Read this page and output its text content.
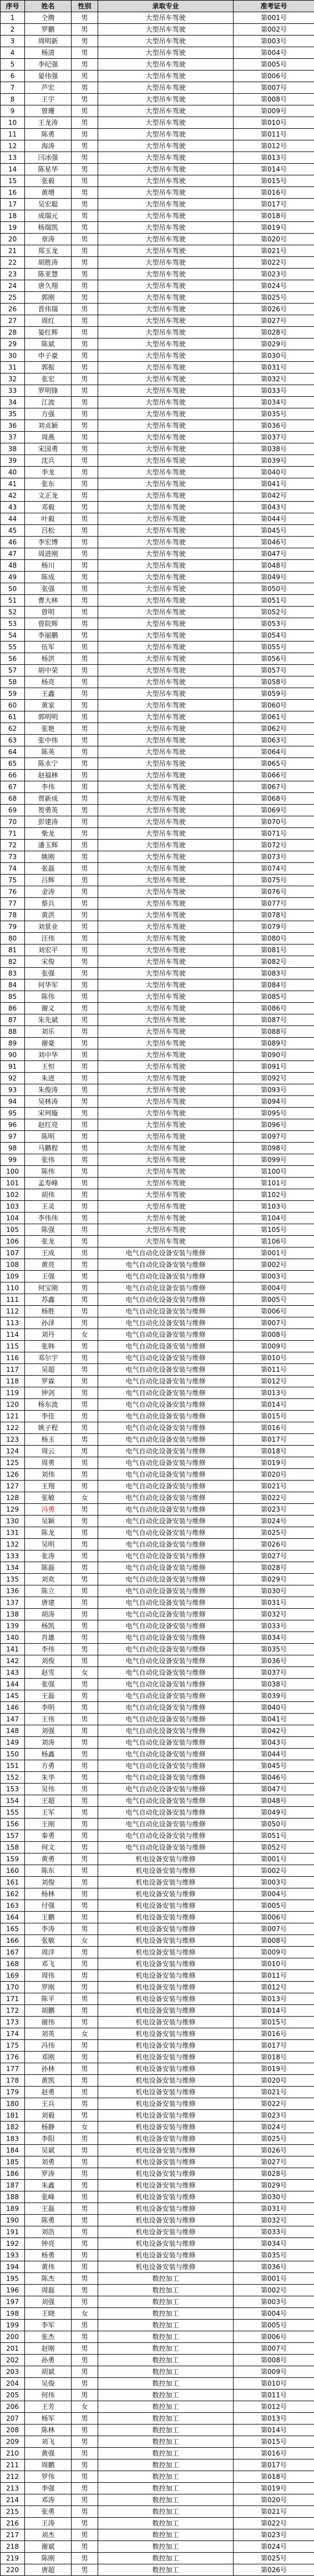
序号	姓名	性别	录取专业	准考证号
1	仝腾	男	大型吊车驾驶	第001号
2	罗鹏	男	大型吊车驾驶	第002号
3	周明新	男	大型吊车驾驶	第003号
4	杨清	男	大型吊车驾驶	第004号
5	李纪强	男	大型吊车驾驶	第005号
6	晏伟强	男	大型吊车驾驶	第006号
7	芦宏	男	大型吊车驾驶	第007号
8	王宇	男	大型吊车驾驶	第008号
9	曾珊	男	大型吊车驾驶	第009号
10	王龙涛	男	大型吊车驾驶	第010号
11	陈勇	男	大型吊车驾驶	第011号
12	海涛	男	大型吊车驾驶	第012号
13	闫冰强	男	大型吊车驾驶	第013号
14	陈星华	男	大型吊车驾驶	第014号
15	张毅	男	大型吊车驾驶	第015号
16	黄增	男	大型吊车驾驶	第016号
17	吴宏聪	男	大型吊车驾驶	第017号
18	成瑞元	男	大型吊车驾驶	第018号
19	杨瑞凯	男	大型吊车驾驶	第019号
20	章涛	男	大型吊车驾驶	第020号
21	郑玉龙	男	大型吊车驾驶	第021号
22	胡胜涛	男	大型吊车驾驶	第022号
23	陈亚慧	男	大型吊车驾驶	第023号
24	唐久翔	男	大型吊车驾驶	第024号
25	郭刚	男	大型吊车驾驶	第025号
26	晋伟瑞	男	大型吊车驾驶	第026号
27	周红	男	大型吊车驾驶	第027号
28	晏红辉	男	大型吊车驾驶	第028号
29	陈斌	男	大型吊车驾驶	第029号
30	申子豪	男	大型吊车驾驶	第030号
31	郭振	男	大型吊车驾驶	第031号
32	张宏	男	大型吊车驾驶	第032号
33	罗明锋	男	大型吊车驾驶	第033号
34	江波	男	大型吊车驾驶	第034号
35	方强	男	大型吊车驾驶	第035号
36	刘贞颖	男	大型吊车驾驶	第036号
37	周燕	男	大型吊车驾驶	第037号
38	宋国勇	男	大型吊车驾驶	第038号
39	沈兵	男	大型吊车驾驶	第039号
40	李龙	男	大型吊车驾驶	第040号
41	张东	男	大型吊车驾驶	第041号
42	文正龙	男	大型吊车驾驶	第042号
43	邓毅	男	大型吊车驾驶	第043号
44	叶毅	男	大型吊车驾驶	第044号
45	吕松	男	大型吊车驾驶	第045号
46	李宏博	男	大型吊车驾驶	第046号
47	周进刚	男	大型吊车驾驶	第047号
48	杨川	男	大型吊车驾驶	第048号
49	陈成	男	大型吊车驾驶	第049号
50	张强	男	大型吊车驾驶	第050号
51	曹大林	男	大型吊车驾驶	第051号
52	曾明	男	大型吊车驾驶	第052号
53	曾院辉	男	大型吊车驾驶	第053号
54	李丽鹏	男	大型吊车驾驶	第054号
55	伍军	男	大型吊车驾驶	第055号
56	杨洪	男	大型吊车驾驶	第056号
57	胡中荣	男	大型吊车驾驶	第057号
58	杨亮	男	大型吊车驾驶	第058号
59	王鑫	男	大型吊车驾驶	第059号
60	黄家	男	大型吊车驾驶	第060号
61	郭明明	男	大型吊车驾驶	第061号
62	张艳	男	大型吊车驾驶	第062号
63	张中伟	男	大型吊车驾驶	第063号
64	陈英	男	大型吊车驾驶	第064号
65	陈永宁	男	大型吊车驾驶	第065号
66	赵福林	男	大型吊车驾驶	第066号
67	李伟	男	大型吊车驾驶	第067号
68	贾新成	男	大型吊车驾驶	第068号
69	贺勇英	男	大型吊车驾驶	第069号
70	彭建涛	男	大型吊车驾驶	第070号
71	柴龙	男	大型吊车驾驶	第071号
72	潘玉辉	男	大型吊车驾驶	第072号
73	姚刚	男	大型吊车驾驶	第073号
74	张磊	男	大型吊车驾驶	第074号
75	吕辉	男	大型吊车驾驶	第075号
76	金涛	男	大型吊车驾驶	第076号
77	蔡兵	男	大型吊车驾驶	第077号
78	黄洪	男	大型吊车驾驶	第078号
79	刘景业	男	大型吊车驾驶	第079号
80	汪伟	男	大型吊车驾驶	第080号
81	刘宏平	男	大型吊车驾驶	第081号
82	宋俊	男	大型吊车驾驶	第082号
83	张强	男	大型吊车驾驶	第083号
84	何华军	男	大型吊车驾驶	第084号
85	陈伟	男	大型吊车驾驶	第085号
86	谢义	男	大型吊车驾驶	第086号
87	朱先斌	男	大型吊车驾驶	第087号
88	刘乐	男	大型吊车驾驶	第088号
89	谢豪	男	大型吊车驾驶	第089号
90	刘中华	男	大型吊车驾驶	第090号
91	王恒	男	大型吊车驾驶	第091号
92	朱进	男	大型吊车驾驶	第092号
93	朱俊涛	男	大型吊车驾驶	第093号
94	吴林涛	男	大型吊车驾驶	第094号
95	宋珂璇	男	大型吊车驾驶	第095号
96	赵红亮	男	大型吊车驾驶	第096号
97	陈明	男	大型吊车驾驶	第097号
98	马鹏程	男	大型吊车驾驶	第098号
99	张伟	男	大型吊车驾驶	第099号
100	陈伟	男	大型吊车驾驶	第100号
101	孟寿峰	男	大型吊车驾驶	第101号
102	胡伟	男	大型吊车驾驶	第102号
103	王灵	男	大型吊车驾驶	第103号
104	李伟伟	男	大型吊车驾驶	第104号
105	陈强	男	大型吊车驾驶	第105号
106	张龙	男	大型吊车驾驶	第106号
107	王成	男	电气自动化设备安装与维修	第001号
108	黄亮	男	电气自动化设备安装与维修	第002号
109	王强	男	电气自动化设备安装与维修	第003号
110	何宝刚	男	电气自动化设备安装与维修	第004号
111	苏鑫	男	电气自动化设备安装与维修	第005号
112	杨胜	男	电气自动化设备安装与维修	第006号
113	孙泽	男	电气自动化设备安装与维修	第007号
114	刘丹	女	电气自动化设备安装与维修	第008号
115	张韩	男	电气自动化设备安装与维修	第009号
116	邓尔宇	男	电气自动化设备安装与维修	第010号
117	吴超	男	电气自动化设备安装与维修	第011号
118	罗霖	男	电气自动化设备安装与维修	第012号
119	钟剑	男	电气自动化设备安装与维修	第013号
120	杨东波	男	电气自动化设备安装与维修	第014号
121	李佳	男	电气自动化设备安装与维修	第015号
122	姚子程	男	电气自动化设备安装与维修	第016号
123	杨玉	男	电气自动化设备安装与维修	第017号
124	周云	男	电气自动化设备安装与维修	第018号
125	周勇	男	电气自动化设备安装与维修	第019号
126	刘伟	男	电气自动化设备安装与维修	第020号
127	王翔	男	电气自动化设备安装与维修	第021号
128	张敏	女	电气自动化设备安装与维修	第022号
129	冯勇	男	电气自动化设备安装与维修	第023号
130	吴颖	男	电气自动化设备安装与维修	第024号
131	陈龙	男	电气自动化设备安装与维修	第025号
132	吴明	男	电气自动化设备安装与维修	第026号
133	张涛	男	电气自动化设备安装与维修	第027号
134	陈磊	男	电气自动化设备安装与维修	第028号
135	刘欢	男	电气自动化设备安装与维修	第029号
136	陈立	男	电气自动化设备安装与维修	第030号
137	唐建	男	电气自动化设备安装与维修	第031号
138	胡涛	男	电气自动化设备安装与维修	第032号
139	杨凯	男	电气自动化设备安装与维修	第033号
140	肖雄	男	电气自动化设备安装与维修	第034号
141	李伟	男	电气自动化设备安装与维修	第035号
142	刘俊	男	电气自动化设备安装与维修	第036号
143	赵雪	女	电气自动化设备安装与维修	第037号
144	张强	男	电气自动化设备安装与维修	第038号
145	王磊	男	电气自动化设备安装与维修	第039号
146	李明	男	电气自动化设备安装与维修	第040号
147	王伟	男	电气自动化设备安装与维修	第041号
148	刘强	男	电气自动化设备安装与维修	第042号
149	刘涛	男	电气自动化设备安装与维修	第043号
150	杨鑫	男	电气自动化设备安装与维修	第044号
151	方勇	男	电气自动化设备安装与维修	第045号
152	朱华	男	电气自动化设备安装与维修	第046号
153	吴伟	男	电气自动化设备安装与维修	第047号
154	王超	男	电气自动化设备安装与维修	第048号
155	王军	男	电气自动化设备安装与维修	第049号
156	王刚	男	电气自动化设备安装与维修	第050号
157	秦勇	男	电气自动化设备安装与维修	第051号
158	何文	男	电气自动化设备安装与维修	第052号
159	黄勇	男	机电设备安装与维修	第001号
160	陈东	男	机电设备安装与维修	第002号
161	刘俊	男	机电设备安装与维修	第003号
162	杨林	男	机电设备安装与维修	第004号
163	付强	男	机电设备安装与维修	第005号
164	王鹏	男	机电设备安装与维修	第006号
165	李涛	男	机电设备安装与维修	第007号
166	张敏	女	机电设备安装与维修	第008号
167	周洋	男	机电设备安装与维修	第009号
168	邓飞	男	机电设备安装与维修	第010号
169	周伟	男	机电设备安装与维修	第011号
170	罗刚	男	机电设备安装与维修	第012号
171	陈平	男	机电设备安装与维修	第013号
172	胡鹏	男	机电设备安装与维修	第014号
173	谢伟	男	机电设备安装与维修	第015号
174	刘英	女	机电设备安装与维修	第016号
175	冯伟	男	机电设备安装与维修	第017号
176	邓刚	男	机电设备安装与维修	第018号
177	孙林	男	机电设备安装与维修	第019号
178	黄凯	男	机电设备安装与维修	第020号
179	赵勇	男	机电设备安装与维修	第021号
180	王兵	男	机电设备安装与维修	第022号
181	刘毅	男	机电设备安装与维修	第023号
182	杨静	女	机电设备安装与维修	第024号
183	李阳	男	机电设备安装与维修	第025号
184	吴斌	男	机电设备安装与维修	第026号
185	刘勇	男	机电设备安装与维修	第027号
186	罗涛	男	机电设备安装与维修	第028号
187	朱鑫	男	机电设备安装与维修	第029号
188	张峰	男	机电设备安装与维修	第030号
189	王磊	男	机电设备安装与维修	第031号
190	陈勇	男	机电设备安装与维修	第032号
191	刘浩	男	机电设备安装与维修	第033号
192	钟亮	男	机电设备安装与维修	第034号
193	杨勇	男	机电设备安装与维修	第035号
194	黄伟	男	机电设备安装与维修	第036号
195	陈杰	男	数控加工	第001号
196	周磊	男	数控加工	第002号
197	刘强	男	数控加工	第003号
198	王晓	女	数控加工	第004号
199	李军	男	数控加工	第005号
200	张杰	男	数控加工	第006号
201	赵刚	男	数控加工	第007号
202	孙勇	男	数控加工	第008号
203	胡斌	男	数控加工	第009号
204	吴俊	男	数控加工	第010号
205	何伟	男	数控加工	第011号
206	王芳	女	数控加工	第012号
207	杨军	男	数控加工	第013号
208	陈林	男	数控加工	第014号
209	刘飞	男	数控加工	第015号
210	黄强	男	数控加工	第016号
211	周鹏	男	数控加工	第017号
212	罗伟	男	数控加工	第018号
213	李强	男	数控加工	第019号
214	邓涛	男	数控加工	第020号
215	张勇	男	数控加工	第021号
216	王涛	男	数控加工	第022号
217	刘杰	男	数控加工	第023号
218	谢斌	男	数控加工	第024号
219	陈刚	男	数控加工	第025号
220	唐超	男	数控加工	第026号
